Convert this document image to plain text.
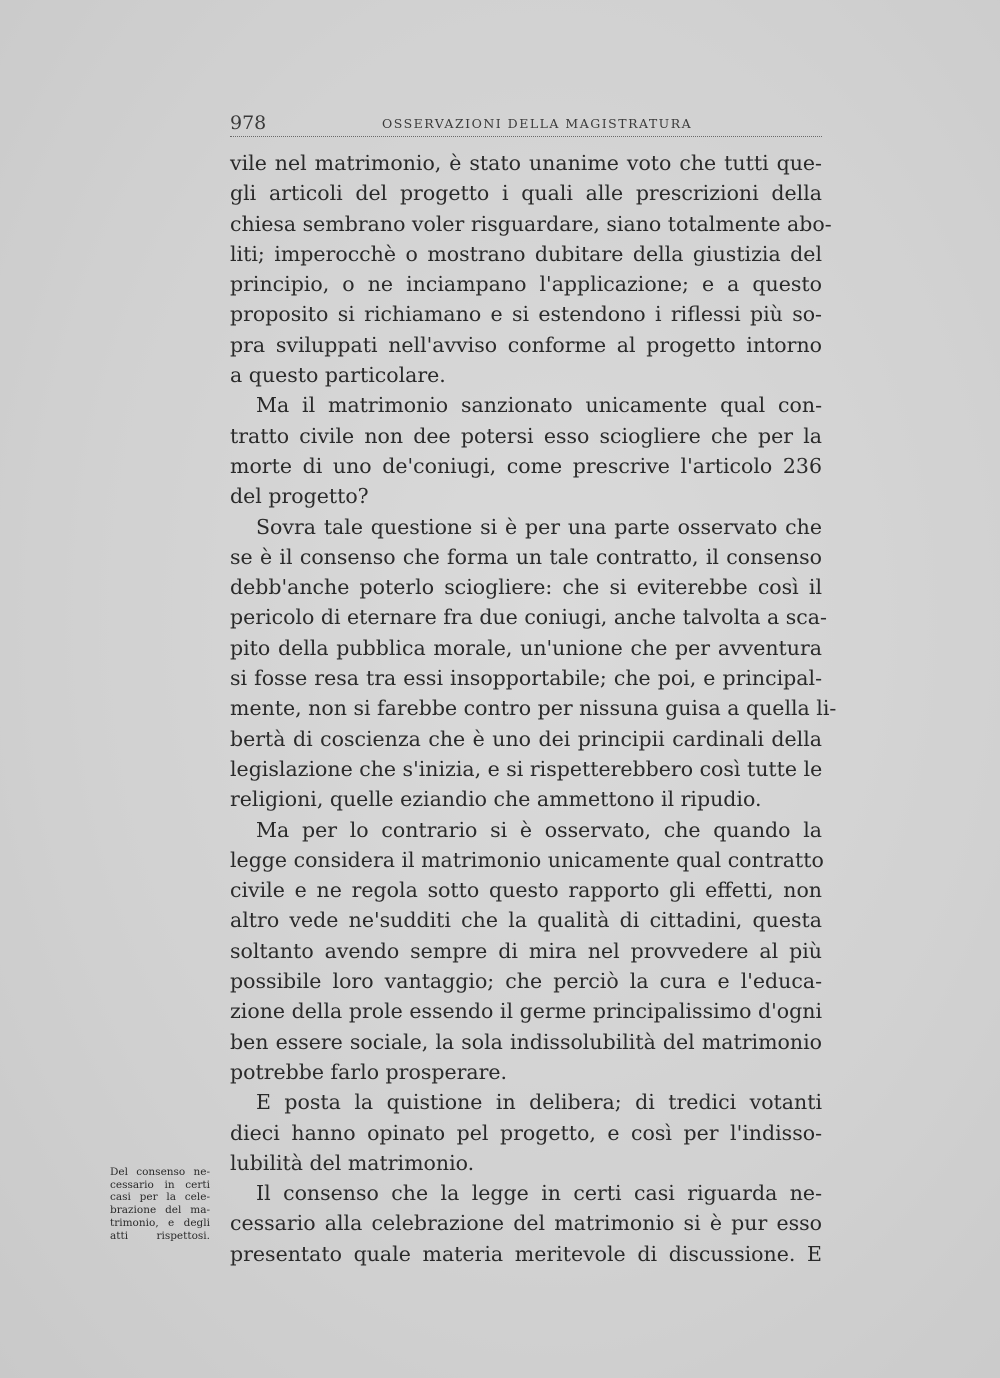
978	OSSERVAZIONI DELLA MAGISTRATURA
vile nel matrimonio, è stato unanime voto che tutti que-
gli articoli del progetto i quali alle prescrizioni della
chiesa sembrano voler risguardare, siano totalmente abo-
liti; imperocchè o mostrano dubitare della giustizia del
principio, o ne inciampano l'applicazione; e a questo
proposito si richiamano e si estendono i riflessi più so-
pra sviluppati nell'avviso conforme al progetto intorno
a questo particolare.
Ma il matrimonio sanzionato unicamente qual con-
tratto civile non dee potersi esso sciogliere che per la
morte di uno de'coniugi, come prescrive l'articolo 236
del progetto?
Sovra tale questione si è per una parte osservato che
se è il consenso che forma un tale contratto, il consenso
debb'anche poterlo sciogliere: che si eviterebbe così il
pericolo di eternare fra due coniugi, anche talvolta a sca-
pito della pubblica morale, un'unione che per avventura
si fosse resa tra essi insopportabile; che poi, e principal-
mente, non si farebbe contro per nissuna guisa a quella li-
bertà di coscienza che è uno dei principii cardinali della
legislazione che s'inizia, e si rispetterebbero così tutte le
religioni, quelle eziandio che ammettono il ripudio.
Ma per lo contrario si è osservato, che quando la
legge considera il matrimonio unicamente qual contratto
civile e ne regola sotto questo rapporto gli effetti, non
altro vede ne'sudditi che la qualità di cittadini, questa
soltanto avendo sempre di mira nel provvedere al più
possibile loro vantaggio; che perciò la cura e l'educa-
zione della prole essendo il germe principalissimo d'ogni
ben essere sociale, la sola indissolubilità del matrimonio
potrebbe farlo prosperare.
E posta la quistione in delibera; di tredici votanti
dieci hanno opinato pel progetto, e così per l'indisso-
lubilità del matrimonio.
Il consenso che la legge in certi casi riguarda ne-
cessario alla celebrazione del matrimonio si è pur esso
presentato quale materia meritevole di discussione. E
Del consenso ne-
cessario in certi
casi per la cele-
brazione del ma-
trimonio, e degli
atti rispettosi.
